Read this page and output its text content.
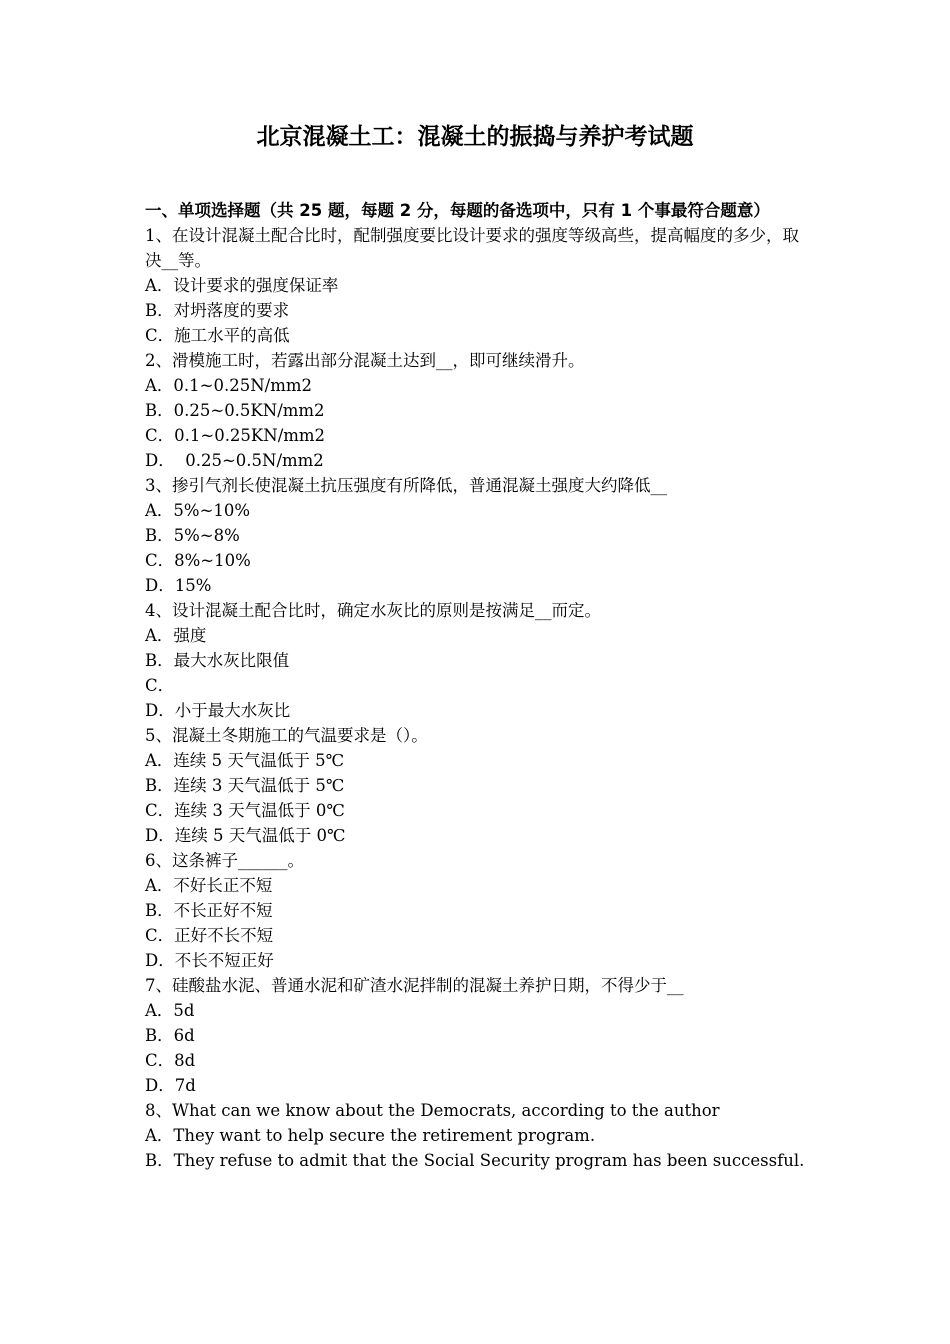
北京混凝土工：混凝土的振捣与养护考试题
一、单项选择题（共 25 题，每题 2 分，每题的备选项中，只有 1 个事最符合题意）
1、在设计混凝土配合比时，配制强度要比设计要求的强度等级高些，提高幅度的多少，取决__等。
A．设计要求的强度保证率
B．对坍落度的要求
C．施工水平的高低
2、滑模施工时，若露出部分混凝土达到__，即可继续滑升。
A．0.1~0.25N/mm2
B．0.25~0.5KN/mm2
C．0.1~0.25KN/mm2
D．  0.25~0.5N/mm2
3、掺引气剂长使混凝土抗压强度有所降低，普通混凝土强度大约降低__
A．5%~10%
B．5%~8%
C．8%~10%
D．15%
4、设计混凝土配合比时，确定水灰比的原则是按满足__而定。
A．强度
B．最大水灰比限值
C．
D．小于最大水灰比
5、混凝土冬期施工的气温要求是（）。
A．连续 5 天气温低于 5℃
B．连续 3 天气温低于 5℃
C．连续 3 天气温低于 0℃
D．连续 5 天气温低于 0℃
6、这条裤子______。
A．不好长正不短
B．不长正好不短
C．正好不长不短
D．不长不短正好
7、硅酸盐水泥、普通水泥和矿渣水泥拌制的混凝土养护日期，不得少于__
A．5d
B．6d
C．8d
D．7d
8、What can we know about the Democrats, according to the author
A．They want to help secure the retirement program.
B．They refuse to admit that the Social Security program has been successful.
